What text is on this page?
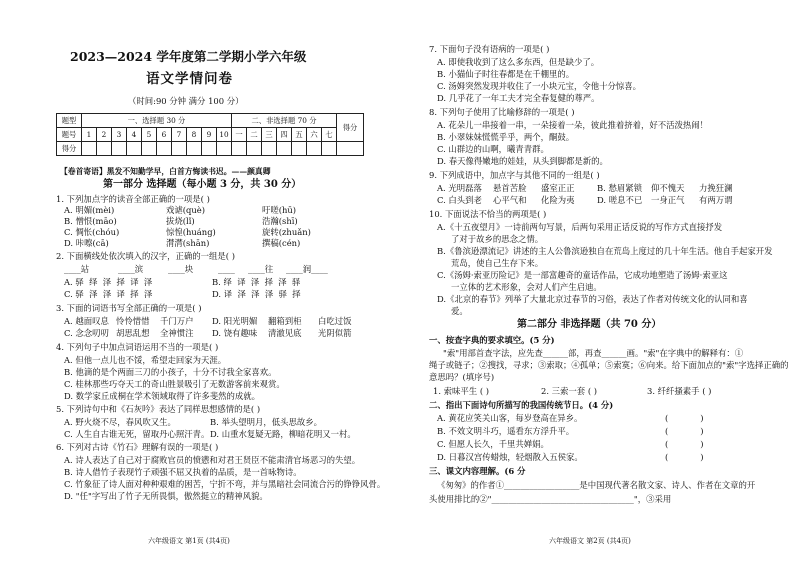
2023—2024 学年度第二学期小学六年级
语文学情问卷
（时间:90 分钟 满分 100 分）
题型	一、选择题 30 分										二、非选择题 70 分							得分
题号	1	2	3	4	5	6	7	8	9	10	一	二	三	四	五	六	七	
得分																		
【卷首寄语】黑发不知勤学早，白首方悔读书迟。——颜真卿
第一部分 选择题（每小题 3 分，共 30 分）
1. 下列加点字的读音全部正确的一项是( )
A. 明媚(mèi)	戏谑(què)	吁嗟(hū)
B. 憎恨(māo)	拔烧(lǐ)	浩瀚(shī)
C. 惆怅(chóu)	惊惶(huáng)	旋转(zhuǎn)
D. 咔嚓(cā)	潸潸(shān)	撰稿(cén)
2. 下面横线处依次填入的汉字，正确的一组是( )
____站	____滨	____块	____ ____往 ____润____
A. 驿 绎 泽 择 译 泽	B. 绎 译 泽 择 泽 驿
C. 驿 泽 泽 译 择 泽	D. 译 泽 泽 泽 驿 择
3. 下面的词语书写全部正确的一项是( )
A. 越面叹息 怜怜惜惜 千门万户 D. 阳光明媚 翻箱到柜 白吃过饭
C. 念念叨叨 胡思乱想 全神惯注 D. 饶有趣味 清澈见底 光阴似箭
4. 下列句子中加点词语运用不当的一项是( )
A. 但他一点儿也不馁，希望走回家为天涯。
B. 他滴的是个两面三刀的小孩子，十分不讨我全家喜欢。
C. 桂林那些巧夺天工的奇山胜景吸引了无数游客前来观赏。
D. 数学家丘成桐在学术领域取得了许多斐然的成就。
5. 下列诗句中和《石灰吟》表达了同样思想感情的是( )
A. 野火烧不尽，春风吹又生。	B. 举头望明月，低头思故乡。
C. 人生自古谁无死，留取丹心照汗青。 D. 山重水复疑无路，柳暗花明又一村。
6. 下列对古诗《竹石》理解有误的一项是( )
A. 诗人表达了自己对于腐败官员的愤懑和对君王贤臣不能肃清官场恶习的失望。
B. 诗人借竹子表现竹子顽强不屈又执着的品质，是一首咏物诗。
C. 竹象征了诗人面对种种艰难的困苦，宁折不弯，并与黑暗社会同流合污的铮铮风骨。
D. "任"字写出了竹子无所畏惧，傲然挺立的精神风貌。
六年级语文 第1页 (共4页)
7. 下面句子没有语病的一项是( )
A. 即使我收到了这么多东西，但是缺少了。
B. 小猫仙子时往春都是在千棚里的。
C. 汤姆突然发现并收住了一小块元宝，令他十分惊喜。
D. 几乎花了一年工夫才完全春复健的尊严。
8. 下列句子使用了比喻修辞的一项是( )
A. 花朵儿一串接着一串，一朵接着一朵，彼此推着挤着，好不活泼热闹！
B. 小翠妹妹慌慌乎乎，两个，酮鼓。
C. 山群边的山啊，曦青青群。
D. 春天像得嫩地的娃娃，从头到脚都是新的。
9. 下列成语中，加点字与其他不同的一组是( )
A. 光明磊落 悬首苦脸 盛室正正	B. 愁眉紧锁 仰不愧天 力挽狂澜
C. 白头到老 心平气和 化险为夷	D. 嗟息不已 一身正气 有两万谓
10. 下面说法不恰当的两项是( )
A.《十五夜望月》一诗前两句写景，后两句采用正话反说的写作方式直接抒发
了对于故乡的思念之情。
B.《鲁滨逊漂流记》讲述的主人公鲁滨逊独自在荒岛上度过的几十年生活。他自手起家开发
荒岛，使自己生存下来。
C.《汤姆·索亚历险记》是一部富趣奇的童话作品，它成功地塑造了汤姆·索亚这
一立体的艺术形象，会对人们产生启迪。
D.《北京的春节》列举了大量北京过春节的习俗，表达了作者对传统文化的认同和喜
爱。
第二部分 非选择题（共 70 分）
一、按查字典的要求填空。(5 分)
"索"用部首查字法，应先查______部，再查______画。"索"在字典中的解释有：①
绳子或链子；②搜找，寻求；③索取；④孤单；⑤索寞；⑥向来。给下面加点的"索"字选择正确的
意思吗？(填序号)
1. 索味平生 ( )	2. 三索一套 ( )	3. 纤纤搔素手 ( )
二、指出下面诗句所描写的我国传统节日。(4 分)
A. 黄花应笑关山客，每岁登高在异乡。	(            )
B. 不效文明斗巧，遥看东方浮升平。	(            )
C. 但愿人长久，千里共婵娟。	(            )
D. 日暮汉宫传蜡烛，轻烟散入五侯家。	(            )
三、课文内容理解。(6 分
《匆匆》的作者①__________________是中国现代著名散文家、诗人、作者在文章的开
头使用排比的②"__________________________________"，③采用
六年级语文 第2页 (共4页)
